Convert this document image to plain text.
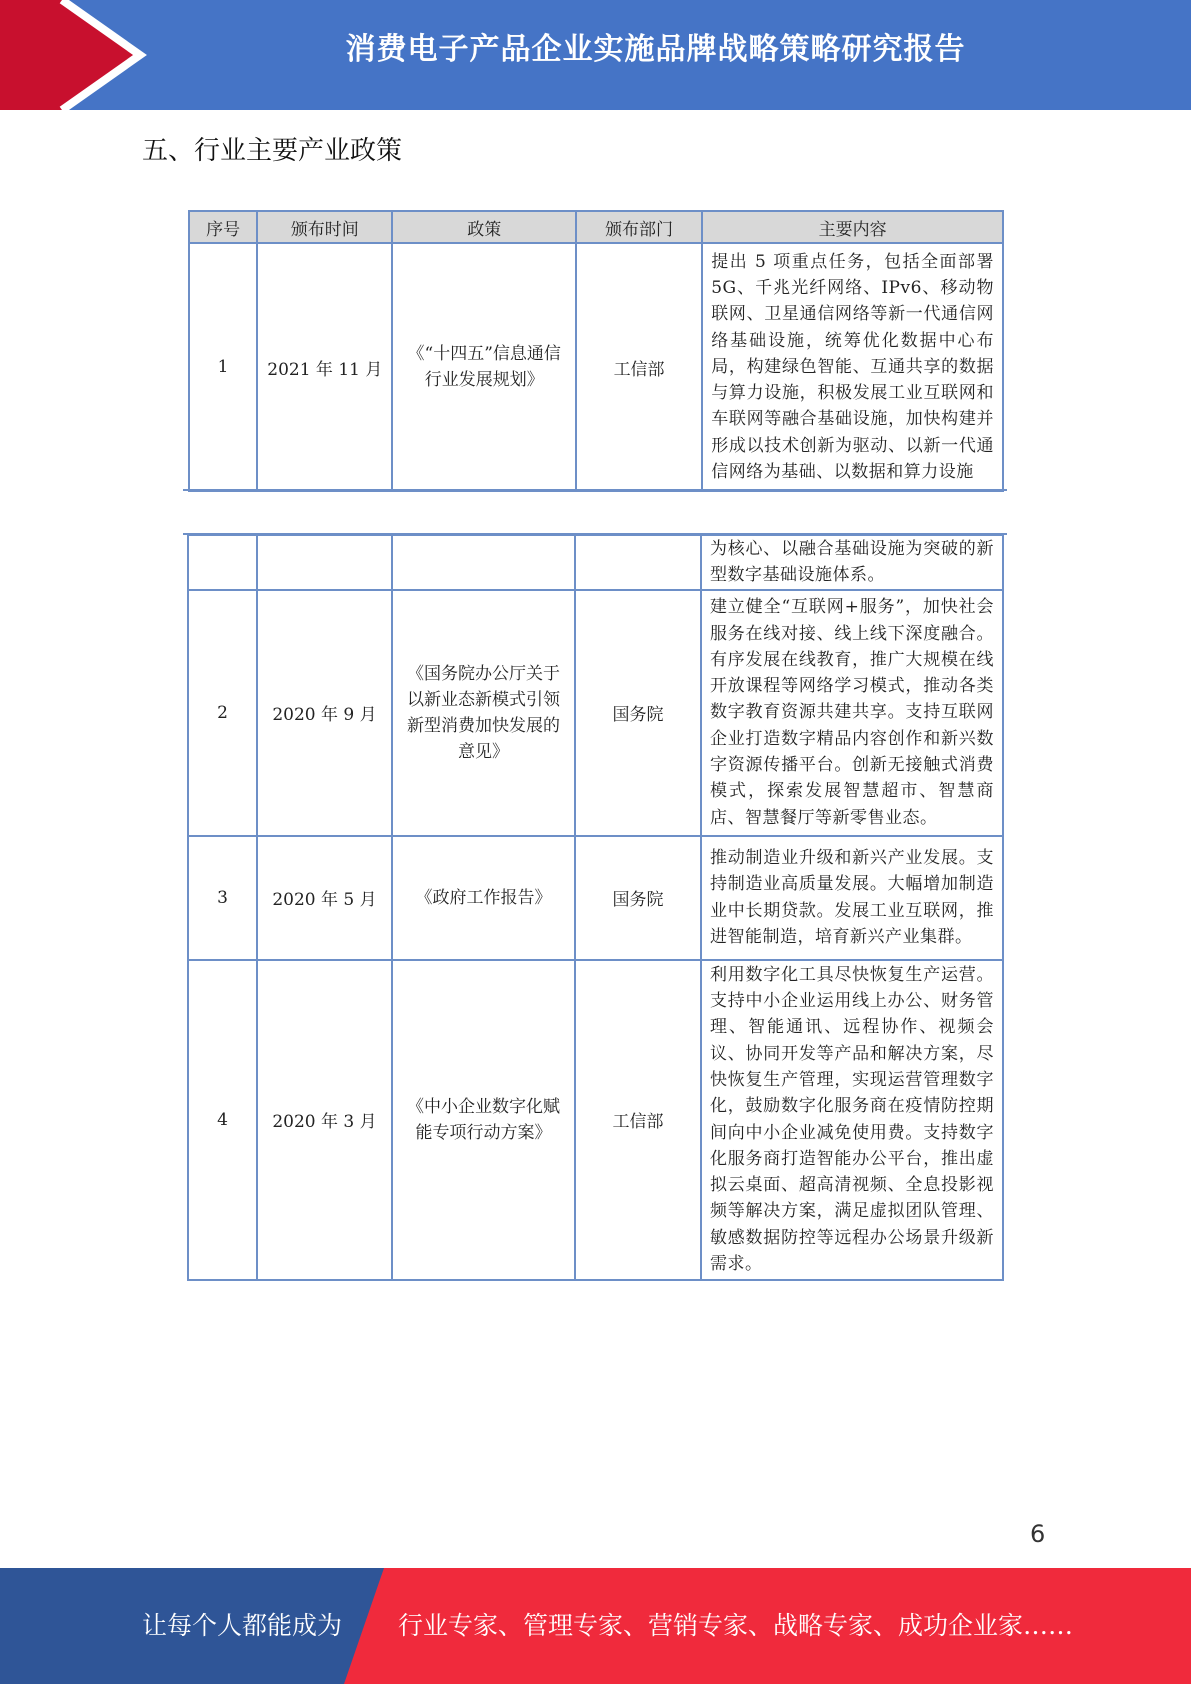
消费电子产品企业实施品牌战略策略研究报告
五、行业主要产业政策
序号	颁布时间	政策	颁布部门	主要内容
1	2021 年 11 月	《“十四五”信息通信行业发展规划》	工信部	提出 5 项重点任务，包括全面部署 5G、千兆光纤网络、IPv6、移动物联网、卫星通信网络等新一代通信网络基础设施，统筹优化数据中心布局，构建绿色智能、互通共享的数据与算力设施，积极发展工业互联网和车联网等融合基础设施，加快构建并形成以技术创新为驱动、以新一代通信网络为基础、以数据和算力设施
				为核心、以融合基础设施为突破的新型数字基础设施体系。
2	2020 年 9 月	《国务院办公厅关于以新业态新模式引领新型消费加快发展的意见》	国务院	建立健全“互联网+服务”，加快社会服务在线对接、线上线下深度融合。有序发展在线教育，推广大规模在线开放课程等网络学习模式，推动各类数字教育资源共建共享。支持互联网企业打造数字精品内容创作和新兴数字资源传播平台。创新无接触式消费模式，探索发展智慧超市、智慧商店、智慧餐厅等新零售业态。
3	2020 年 5 月	《政府工作报告》	国务院	推动制造业升级和新兴产业发展。支持制造业高质量发展。大幅增加制造业中长期贷款。发展工业互联网，推进智能制造，培育新兴产业集群。
4	2020 年 3 月	《中小企业数字化赋能专项行动方案》	工信部	利用数字化工具尽快恢复生产运营。支持中小企业运用线上办公、财务管理、智能通讯、远程协作、视频会议、协同开发等产品和解决方案，尽快恢复生产管理，实现运营管理数字化，鼓励数字化服务商在疫情防控期间向中小企业减免使用费。支持数字化服务商打造智能办公平台，推出虚拟云桌面、超高清视频、全息投影视频等解决方案，满足虚拟团队管理、敏感数据防控等远程办公场景升级新需求。
6
让每个人都能成为 行业专家、管理专家、营销专家、战略专家、成功企业家……
